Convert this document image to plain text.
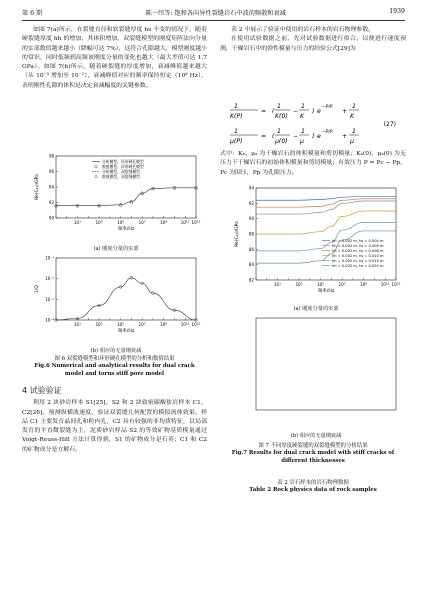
第 6 期	陈一纬等: 饱和各向异性裂缝岩石中波的频散和衰减	1939

如图 7(a)所示，在裂缝直径和软裂缝厚度 hs 不变的情况下，随着硬裂缝厚度 hh 的增加，其体积增加，双裂缝模型的刚度矩阵法向分量的实部数值越来越小（降幅可达 7%），这符合孔隙越大，模型刚度越小的常识，同时低频到高频该刚度分量的变化也越大（最大差值可达 1.7 GPa）。如图 7(b)所示，随着硬裂缝的厚度增加，衰减峰值越来越大（从 10⁻³ 增加至 10⁻²），衰减峰值对应的频率保持恒定（10⁶ Hz），表明刚性孔隙的体积是决定衰减幅度的关键参数。

$10^1$	$10^3$	$10^5$	$10^7$	$10^9$	$10^{11}$ $10^{12}$
90
92
94
96
98
频率/Hz
Re(C₁₁)/GPa
分析模型，环形硬孔模型
数值模型，环形硬孔模型
分析模型，双裂缝模型
数值模型，双裂缝模型
(a) 刚度分量的实部
$10^1$	$10^3$	$10^5$	$10^7$	$10^9$	$10^{11}$ $10^{12}$
10⁻⁴
10⁻³
10⁻²
10⁻¹
频率/Hz
1/Q
(b) 相应的无量纲衰减
图 6 双裂缝模型和环形硬孔模型的分析和数值结果
Fig.6 Numerical and analytical results for dual crack
model and torus stiff pore model

4 试验验证

利用 2 块砂岩样本 S1[25]、S2 和 2 块致密碳酸盐岩样本 C1、C2[26]，预测纵横波速度，验证双裂缝几何配置的模拟流体效果。样品 C1 主要发育晶间孔和粒内孔，C2 具有较强的非均质特征，以局部发育的平直微裂缝为主，泥质砂岩样品 S2 的等效矿物基质模量通过 Voigt-Reuss-Hill 方法计算得到，S1 的矿物成分是石英；C1 和 C2 的矿物成分是方解石。

表 2 中展示了验证中使用的岩石样本的岩石物理参数。

在使用试验数据之前，先对试验数据进行拟合，以便进行速度预测，干燥岩石中的弹性模量与压力的经验公式[29]为

1
K(P)
= (
1
K(0)
−
1
K
) e
−P/P
+
1
K
1
μ(P)
= (
1
μ(0)
−
1
μ
) e
−P/P
+
1
μ
(27)

式中：Kₐ、μₐ 为干燥岩石的体积模量和剪切模量；Kₐ(0)、μₐ(0) 为无压力下干燥岩石的初始体积模量和剪切模量；有效压力 P = Pc − Pp，Pc 为围压，Pp 为孔隙压力。

$10^1$	$10^3$	$10^5$	$10^7$	$10^9$	$10^{11}$ $10^{12}$
82
84
86
88
90
92
94
频率/Hz
Re(C₁₁)/GPa	hh = 0.002 m, hs = 0.004 m
hh = 0.002 m, hs = 0.005 m
hh = 0.002 m, hs = 0.006 m
hh = 0.002 m, hs = 0.010 m
hh = 0.002 m, hs = 0.015 m
hh = 0.002 m, hs = 0.020 m
(a) 刚度分量的实部
(b) 相应的无量纲衰减
图 7 不同厚度硬裂缝的双裂缝模型的分析结果
Fig.7 Results for dual crack model with stiff cracks of
different thicknesses
表 2 岩石样本的岩石物理数据
Table 2 Rock physics data of rock samples
